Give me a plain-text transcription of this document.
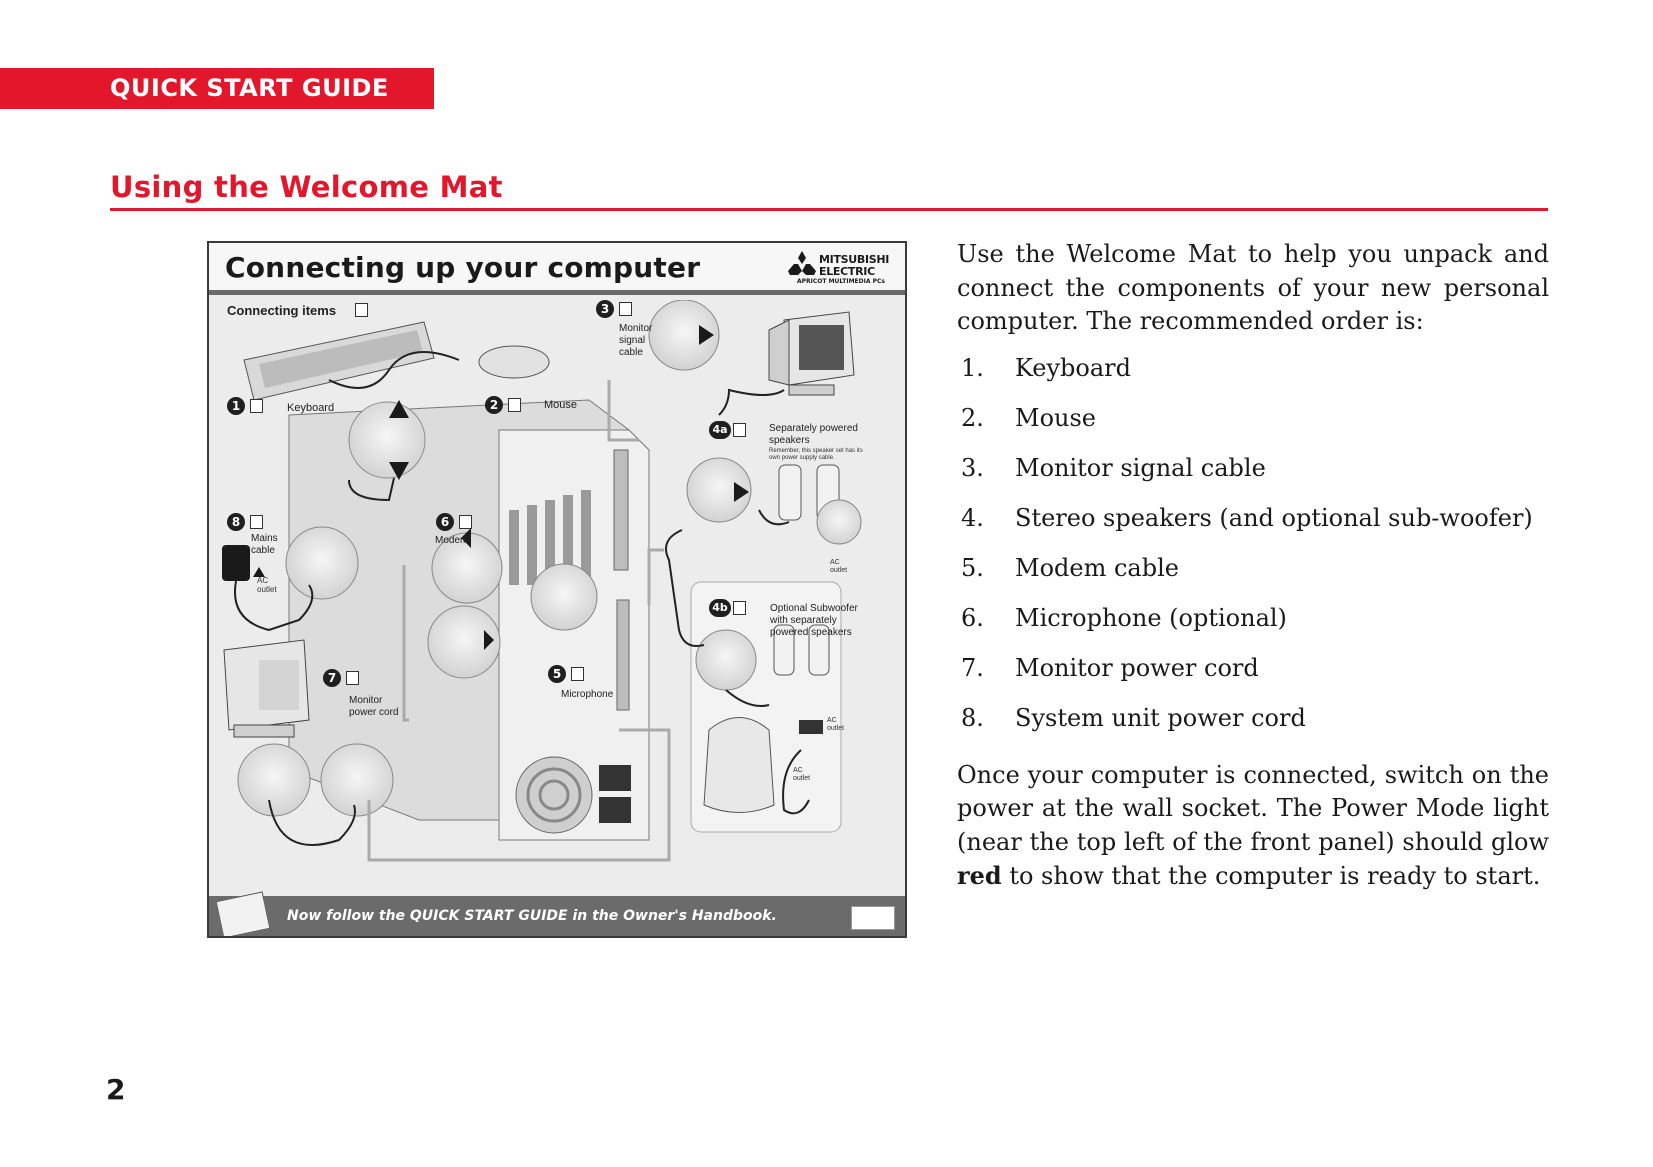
QUICK START GUIDE
Using the Welcome Mat
Connecting up your computer	MITSUBISHI
ELECTRIC
APRICOT MULTIMEDIA PCs
Connecting items
1	Keyboard	2	Mouse
3
Monitor
signal
cable
4a	Separately powered
speakers
Remember, this speaker set has its
own power supply cable.
4b	Optional Subwoofer
with separately
powered speakers
5
Microphone
6
Modem
7
Monitor
power cord
8
Mains
cable
AC
outlet
AC
outlet
AC
outlet
AC
outlet
Now follow the QUICK START GUIDE in the Owner's Handbook.

Use the Welcome Mat to help you unpack and connect the components of your new personal computer. The recommended order is:

1.	Keyboard
2.	Mouse
3.	Monitor signal cable
4.	Stereo speakers (and optional sub-woofer)
5.	Modem cable
6.	Microphone (optional)
7.	Monitor power cord
8.	System unit power cord

Once your computer is connected, switch on the power at the wall socket. The Power Mode light (near the top left of the front panel) should glow red to show that the computer is ready to start.

2
